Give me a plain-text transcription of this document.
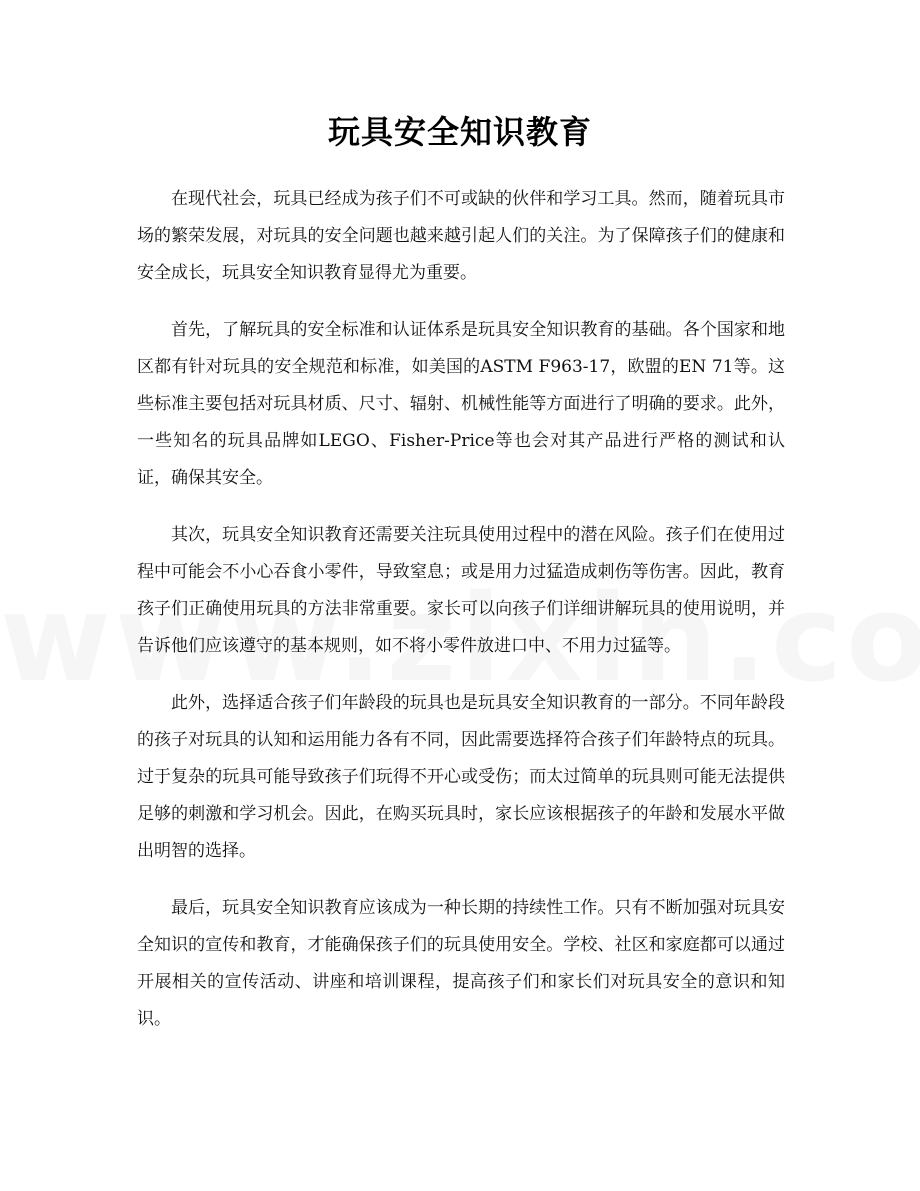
玩具安全知识教育

在现代社会，玩具已经成为孩子们不可或缺的伙伴和学习工具。然而，随着玩具市场的繁荣发展，对玩具的安全问题也越来越引起人们的关注。为了保障孩子们的健康和安全成长，玩具安全知识教育显得尤为重要。

首先，了解玩具的安全标准和认证体系是玩具安全知识教育的基础。各个国家和地区都有针对玩具的安全规范和标准，如美国的ASTM F963-17，欧盟的EN 71等。这些标准主要包括对玩具材质、尺寸、辐射、机械性能等方面进行了明确的要求。此外，一些知名的玩具品牌如LEGO、Fisher-Price等也会对其产品进行严格的测试和认证，确保其安全。

其次，玩具安全知识教育还需要关注玩具使用过程中的潜在风险。孩子们在使用过程中可能会不小心吞食小零件，导致窒息；或是用力过猛造成刺伤等伤害。因此，教育孩子们正确使用玩具的方法非常重要。家长可以向孩子们详细讲解玩具的使用说明，并告诉他们应该遵守的基本规则，如不将小零件放进口中、不用力过猛等。

此外，选择适合孩子们年龄段的玩具也是玩具安全知识教育的一部分。不同年龄段的孩子对玩具的认知和运用能力各有不同，因此需要选择符合孩子们年龄特点的玩具。过于复杂的玩具可能导致孩子们玩得不开心或受伤；而太过简单的玩具则可能无法提供足够的刺激和学习机会。因此，在购买玩具时，家长应该根据孩子的年龄和发展水平做出明智的选择。

最后，玩具安全知识教育应该成为一种长期的持续性工作。只有不断加强对玩具安全知识的宣传和教育，才能确保孩子们的玩具使用安全。学校、社区和家庭都可以通过开展相关的宣传活动、讲座和培训课程，提高孩子们和家长们对玩具安全的意识和知识。
